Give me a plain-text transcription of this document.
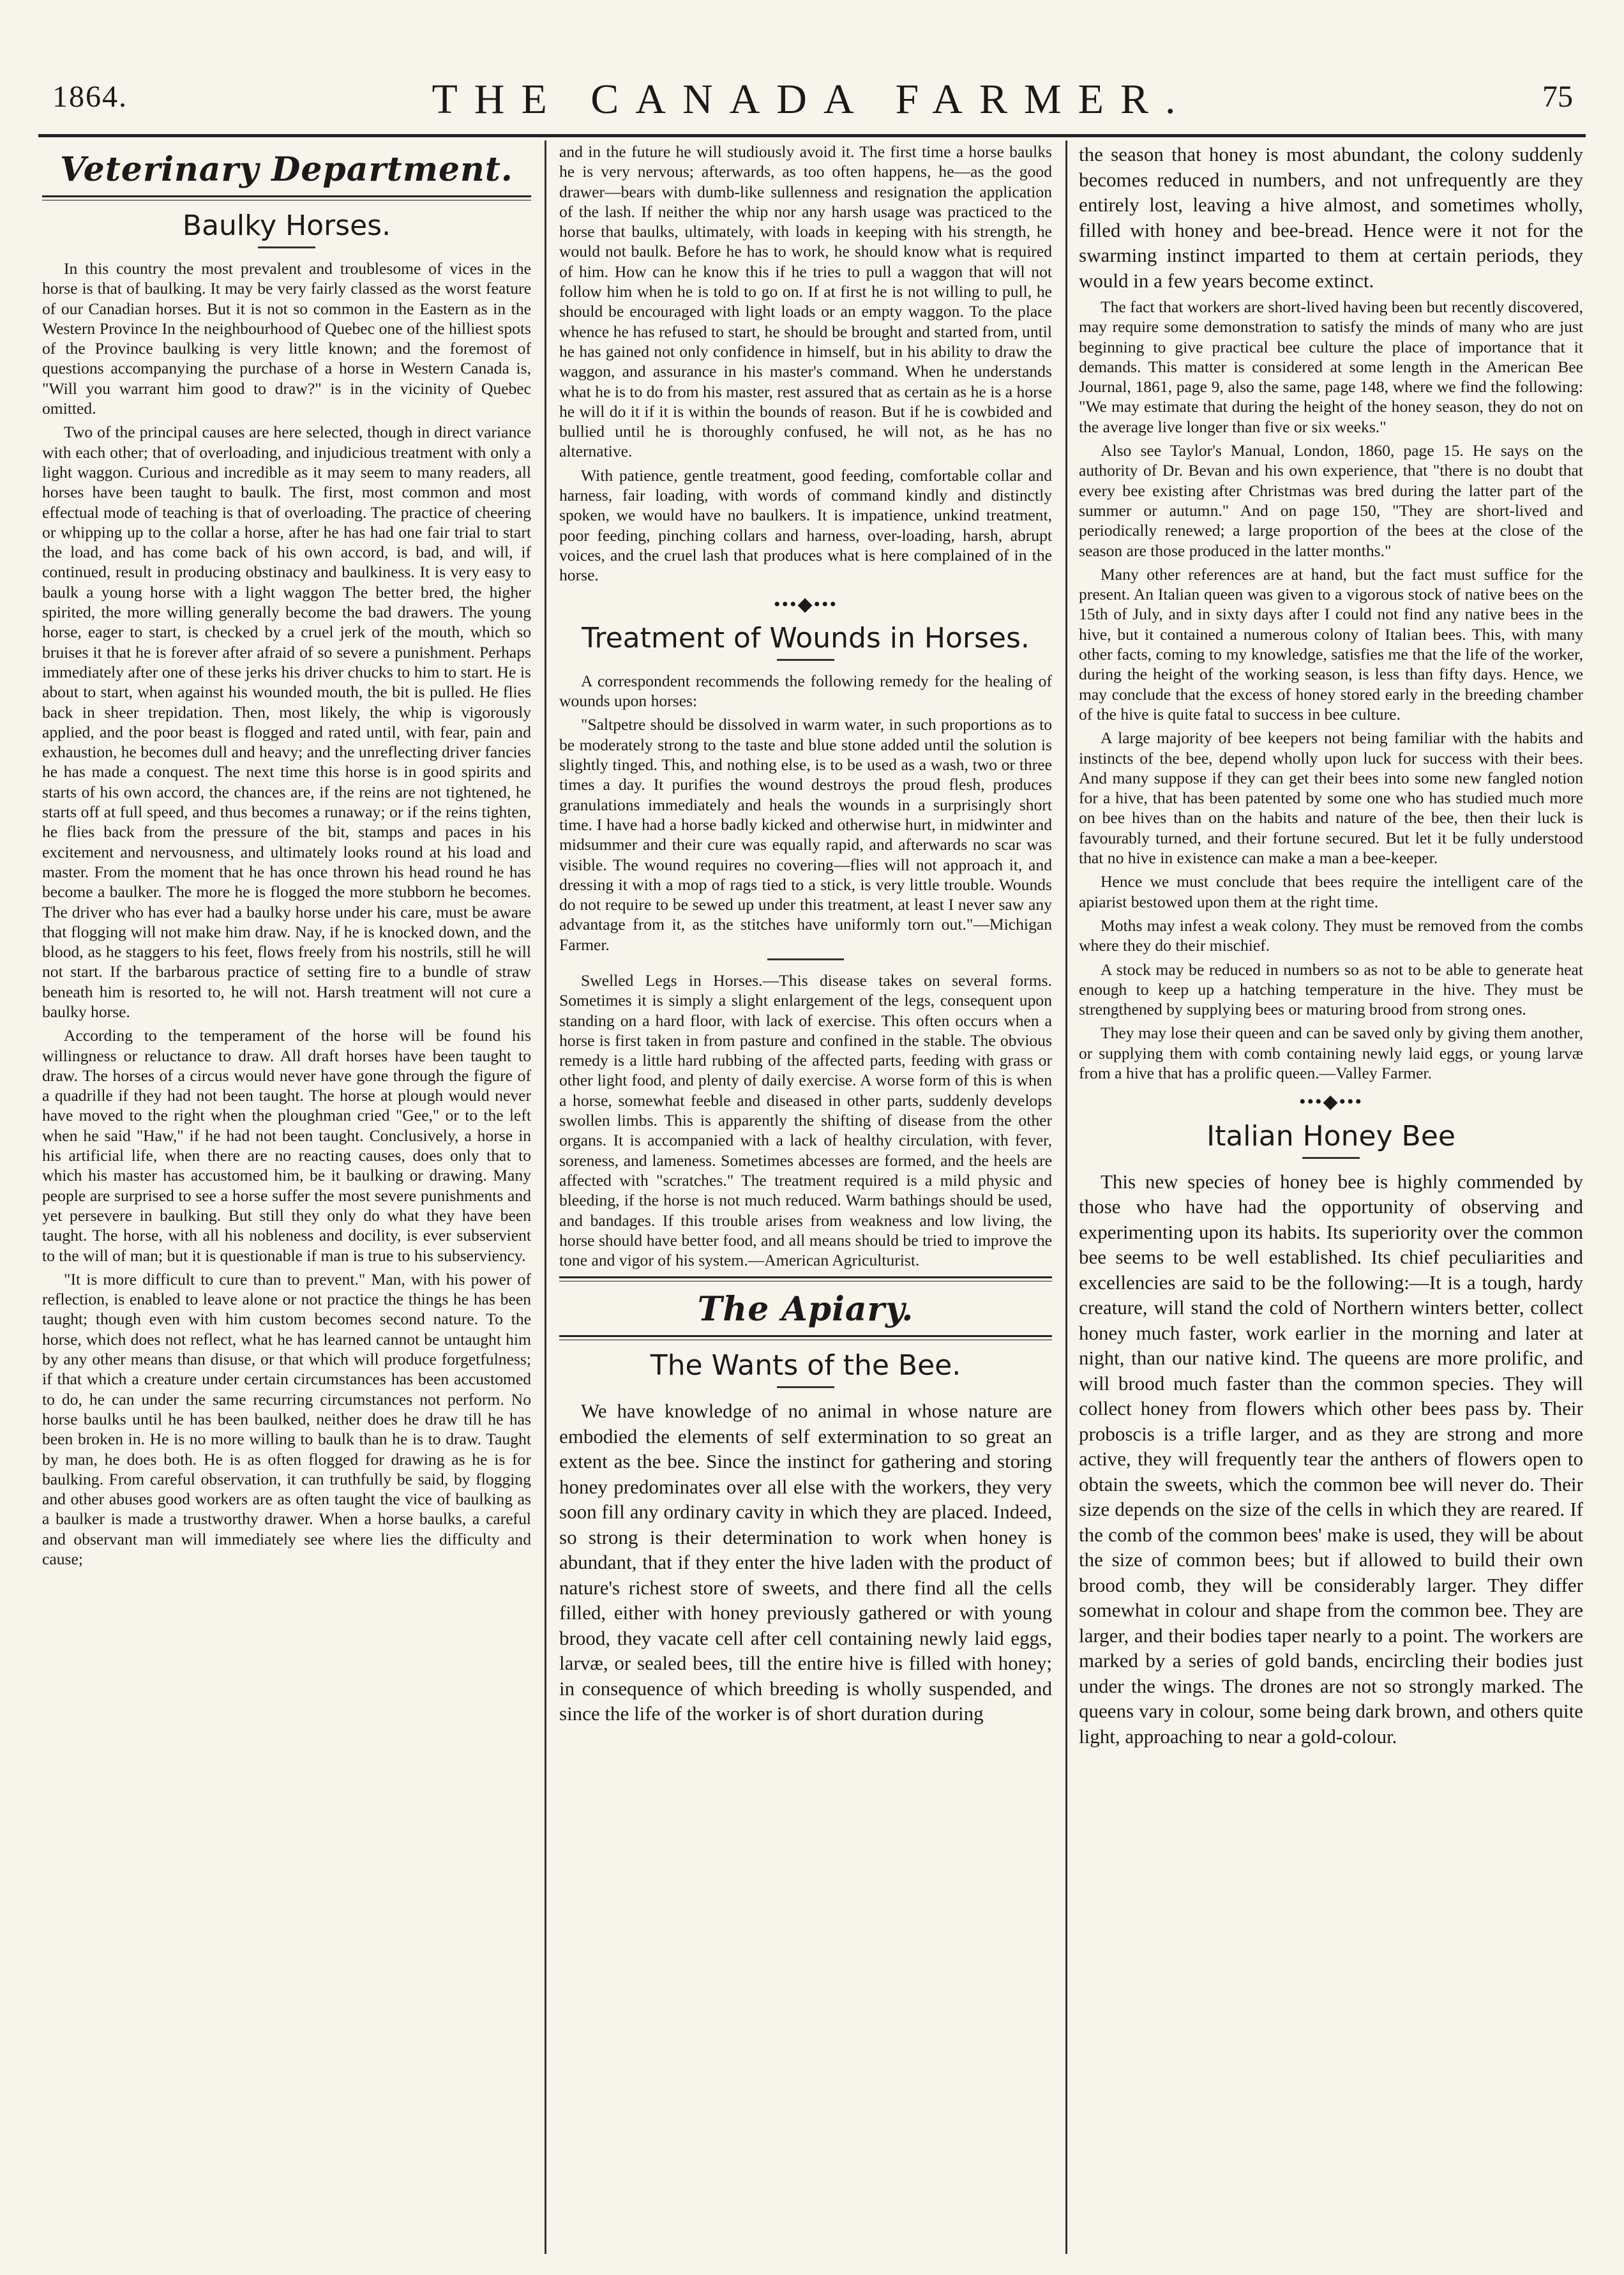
1864.	THE CANADA FARMER.	75
Veterinary Department.
Baulky Horses.

In this country the most prevalent and troublesome of vices in the horse is that of baulking. It may be very fairly classed as the worst feature of our Canadian horses. But it is not so common in the Eastern as in the Western Province In the neighbourhood of Quebec one of the hilliest spots of the Province baulking is very little known; and the foremost of questions accompanying the purchase of a horse in Western Canada is, "Will you warrant him good to draw?" is in the vicinity of Quebec omitted.

Two of the principal causes are here selected, though in direct variance with each other; that of overloading, and injudicious treatment with only a light waggon. Curious and incredible as it may seem to many readers, all horses have been taught to baulk. The first, most common and most effectual mode of teaching is that of overloading. The practice of cheering or whipping up to the collar a horse, after he has had one fair trial to start the load, and has come back of his own accord, is bad, and will, if continued, result in producing obstinacy and baulkiness. It is very easy to baulk a young horse with a light waggon The better bred, the higher spirited, the more willing generally become the bad drawers. The young horse, eager to start, is checked by a cruel jerk of the mouth, which so bruises it that he is forever after afraid of so severe a punishment. Perhaps immediately after one of these jerks his driver chucks to him to start. He is about to start, when against his wounded mouth, the bit is pulled. He flies back in sheer trepidation. Then, most likely, the whip is vigorously applied, and the poor beast is flogged and rated until, with fear, pain and exhaustion, he becomes dull and heavy; and the unreflecting driver fancies he has made a conquest. The next time this horse is in good spirits and starts of his own accord, the chances are, if the reins are not tightened, he starts off at full speed, and thus becomes a runaway; or if the reins tighten, he flies back from the pressure of the bit, stamps and paces in his excitement and nervousness, and ultimately looks round at his load and master. From the moment that he has once thrown his head round he has become a baulker. The more he is flogged the more stubborn he becomes. The driver who has ever had a baulky horse under his care, must be aware that flogging will not make him draw. Nay, if he is knocked down, and the blood, as he staggers to his feet, flows freely from his nostrils, still he will not start. If the barbarous practice of setting fire to a bundle of straw beneath him is resorted to, he will not. Harsh treatment will not cure a baulky horse.

According to the temperament of the horse will be found his willingness or reluctance to draw. All draft horses have been taught to draw. The horses of a circus would never have gone through the figure of a quadrille if they had not been taught. The horse at plough would never have moved to the right when the ploughman cried "Gee," or to the left when he said "Haw," if he had not been taught. Conclusively, a horse in his artificial life, when there are no reacting causes, does only that to which his master has accustomed him, be it baulking or drawing. Many people are surprised to see a horse suffer the most severe punishments and yet persevere in baulking. But still they only do what they have been taught. The horse, with all his nobleness and docility, is ever subservient to the will of man; but it is questionable if man is true to his subserviency.

"It is more difficult to cure than to prevent." Man, with his power of reflection, is enabled to leave alone or not practice the things he has been taught; though even with him custom becomes second nature. To the horse, which does not reflect, what he has learned cannot be untaught him by any other means than disuse, or that which will produce forgetfulness; if that which a creature under certain circumstances has been accustomed to do, he can under the same recurring circumstances not perform. No horse baulks until he has been baulked, neither does he draw till he has been broken in. He is no more willing to baulk than he is to draw. Taught by man, he does both. He is as often flogged for drawing as he is for baulking. From careful observation, it can truthfully be said, by flogging and other abuses good workers are as often taught the vice of baulking as a baulker is made a trustworthy drawer. When a horse baulks, a careful and observant man will immediately see where lies the difficulty and cause;

and in the future he will studiously avoid it. The first time a horse baulks he is very nervous; afterwards, as too often happens, he—as the good drawer—bears with dumb-like sullenness and resignation the application of the lash. If neither the whip nor any harsh usage was practiced to the horse that baulks, ultimately, with loads in keeping with his strength, he would not baulk. Before he has to work, he should know what is required of him. How can he know this if he tries to pull a waggon that will not follow him when he is told to go on. If at first he is not willing to pull, he should be encouraged with light loads or an empty waggon. To the place whence he has refused to start, he should be brought and started from, until he has gained not only confidence in himself, but in his ability to draw the waggon, and assurance in his master's command. When he understands what he is to do from his master, rest assured that as certain as he is a horse he will do it if it is within the bounds of reason. But if he is cowbided and bullied until he is thoroughly confused, he will not, as he has no alternative.

With patience, gentle treatment, good feeding, comfortable collar and harness, fair loading, with words of command kindly and distinctly spoken, we would have no baulkers. It is impatience, unkind treatment, poor feeding, pinching collars and harness, over-loading, harsh, abrupt voices, and the cruel lash that produces what is here complained of in the horse.

•••◆•••
Treatment of Wounds in Horses.

A correspondent recommends the following remedy for the healing of wounds upon horses:

"Saltpetre should be dissolved in warm water, in such proportions as to be moderately strong to the taste and blue stone added until the solution is slightly tinged. This, and nothing else, is to be used as a wash, two or three times a day. It purifies the wound destroys the proud flesh, produces granulations immediately and heals the wounds in a surprisingly short time. I have had a horse badly kicked and otherwise hurt, in midwinter and midsummer and their cure was equally rapid, and afterwards no scar was visible. The wound requires no covering—flies will not approach it, and dressing it with a mop of rags tied to a stick, is very little trouble. Wounds do not require to be sewed up under this treatment, at least I never saw any advantage from it, as the stitches have uniformly torn out."—Michigan Farmer.

Swelled Legs in Horses.—This disease takes on several forms. Sometimes it is simply a slight enlargement of the legs, consequent upon standing on a hard floor, with lack of exercise. This often occurs when a horse is first taken in from pasture and confined in the stable. The obvious remedy is a little hard rubbing of the affected parts, feeding with grass or other light food, and plenty of daily exercise. A worse form of this is when a horse, somewhat feeble and diseased in other parts, suddenly develops swollen limbs. This is apparently the shifting of disease from the other organs. It is accompanied with a lack of healthy circulation, with fever, soreness, and lameness. Sometimes abcesses are formed, and the heels are affected with "scratches." The treatment required is a mild physic and bleeding, if the horse is not much reduced. Warm bathings should be used, and bandages. If this trouble arises from weakness and low living, the horse should have better food, and all means should be tried to improve the tone and vigor of his system.—American Agriculturist.

The Apiary.
The Wants of the Bee.

We have knowledge of no animal in whose nature are embodied the elements of self extermination to so great an extent as the bee. Since the instinct for gathering and storing honey predominates over all else with the workers, they very soon fill any ordinary cavity in which they are placed. Indeed, so strong is their determination to work when honey is abundant, that if they enter the hive laden with the product of nature's richest store of sweets, and there find all the cells filled, either with honey previously gathered or with young brood, they vacate cell after cell containing newly laid eggs, larvæ, or sealed bees, till the entire hive is filled with honey; in consequence of which breeding is wholly suspended, and since the life of the worker is of short duration during

the season that honey is most abundant, the colony suddenly becomes reduced in numbers, and not unfrequently are they entirely lost, leaving a hive almost, and sometimes wholly, filled with honey and bee-bread. Hence were it not for the swarming instinct imparted to them at certain periods, they would in a few years become extinct.

The fact that workers are short-lived having been but recently discovered, may require some demonstration to satisfy the minds of many who are just beginning to give practical bee culture the place of importance that it demands. This matter is considered at some length in the American Bee Journal, 1861, page 9, also the same, page 148, where we find the following: "We may estimate that during the height of the honey season, they do not on the average live longer than five or six weeks."

Also see Taylor's Manual, London, 1860, page 15. He says on the authority of Dr. Bevan and his own experience, that "there is no doubt that every bee existing after Christmas was bred during the latter part of the summer or autumn." And on page 150, "They are short-lived and periodically renewed; a large proportion of the bees at the close of the season are those produced in the latter months."

Many other references are at hand, but the fact must suffice for the present. An Italian queen was given to a vigorous stock of native bees on the 15th of July, and in sixty days after I could not find any native bees in the hive, but it contained a numerous colony of Italian bees. This, with many other facts, coming to my knowledge, satisfies me that the life of the worker, during the height of the working season, is less than fifty days. Hence, we may conclude that the excess of honey stored early in the breeding chamber of the hive is quite fatal to success in bee culture.

A large majority of bee keepers not being familiar with the habits and instincts of the bee, depend wholly upon luck for success with their bees. And many suppose if they can get their bees into some new fangled notion for a hive, that has been patented by some one who has studied much more on bee hives than on the habits and nature of the bee, then their luck is favourably turned, and their fortune secured. But let it be fully understood that no hive in existence can make a man a bee-keeper.

Hence we must conclude that bees require the intelligent care of the apiarist bestowed upon them at the right time.

Moths may infest a weak colony. They must be removed from the combs where they do their mischief.

A stock may be reduced in numbers so as not to be able to generate heat enough to keep up a hatching temperature in the hive. They must be strengthened by supplying bees or maturing brood from strong ones.

They may lose their queen and can be saved only by giving them another, or supplying them with comb containing newly laid eggs, or young larvæ from a hive that has a prolific queen.—Valley Farmer.

•••◆•••
Italian Honey Bee

This new species of honey bee is highly commended by those who have had the opportunity of observing and experimenting upon its habits. Its superiority over the common bee seems to be well established. Its chief peculiarities and excellencies are said to be the following:—It is a tough, hardy creature, will stand the cold of Northern winters better, collect honey much faster, work earlier in the morning and later at night, than our native kind. The queens are more prolific, and will brood much faster than the common species. They will collect honey from flowers which other bees pass by. Their proboscis is a trifle larger, and as they are strong and more active, they will frequently tear the anthers of flowers open to obtain the sweets, which the common bee will never do. Their size depends on the size of the cells in which they are reared. If the comb of the common bees' make is used, they will be about the size of common bees; but if allowed to build their own brood comb, they will be considerably larger. They differ somewhat in colour and shape from the common bee. They are larger, and their bodies taper nearly to a point. The workers are marked by a series of gold bands, encircling their bodies just under the wings. The drones are not so strongly marked. The queens vary in colour, some being dark brown, and others quite light, approaching to near a gold-colour.
